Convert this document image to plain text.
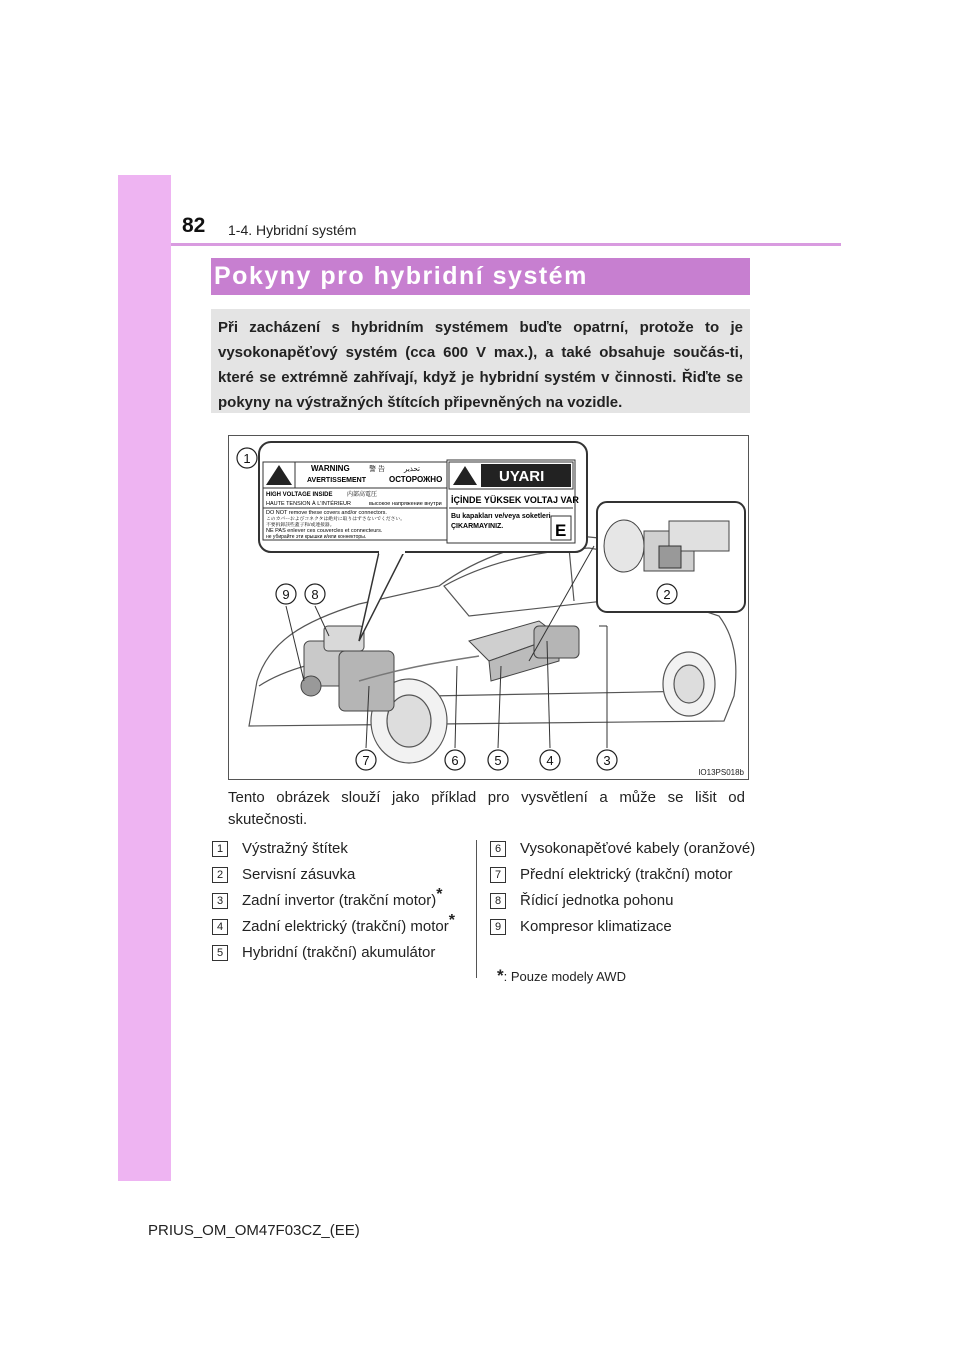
82 1-4. Hybridní systém
Pokyny pro hybridní systém
Při zacházení s hybridním systémem buďte opatrní, protože to je vysokonapěťový systém (cca 600 V max.), a také obsahuje součás-ti, které se extrémně zahřívají, když je hybridní systém v činnosti. Řiďte se pokyny na výstražných štítcích připevněných na vozidle.
WARNING	警 告	تحذير
AVERTISSEMENT	ОСТОРОЖНО
HIGH VOLTAGE INSIDE
HAUTE TENSION À L'INTÉRIEUR
内部高電圧
высокое напряжение внутри
DO NOT remove these covers and/or connectors.
このカバーおよびコネクタは絶対に取りはずさないでください。
不要拆卸該些蓋子和/或連接器。
NE PAS enlever ces couvercles et connecteurs.
не убирайте эти крышки и/или коннекторы.
UYARI
İÇİNDE YÜKSEK VOLTAJ VAR
Bu kapakları ve/veya soketleri
ÇIKARMAYINIZ.	E
1
2
3
4
5
6
7
8
9
IO13PS018b
Tento obrázek slouží jako příklad pro vysvětlení a může se lišit od skutečnosti.
1	Výstražný štítek
2	Servisní zásuvka
3	Zadní invertor (trakční motor)*
4	Zadní elektrický (trakční) motor*
5	Hybridní (trakční) akumulátor
6	Vysokonapěťové kabely (oranžové)
7	Přední elektrický (trakční) motor
8	Řídicí jednotka pohonu
9	Kompresor klimatizace
*: Pouze modely AWD
PRIUS_OM_OM47F03CZ_(EE)
